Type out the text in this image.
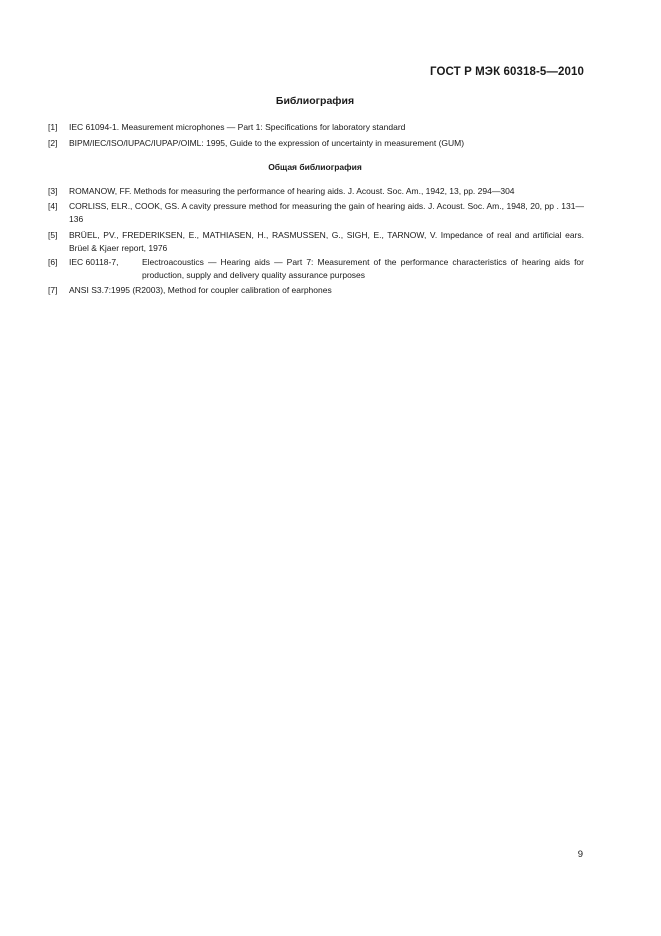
ГОСТ Р МЭК 60318-5—2010
Библиография
[1]	IEC 61094-1. Measurement microphones — Part 1: Specifications for laboratory standard
[2]	BIPM/IEC/ISO/IUPAC/IUPAP/OIML: 1995, Guide to the expression of uncertainty in measurement (GUM)
Общая библиография
[3]	ROMANOW, FF. Methods for measuring the performance of hearing aids. J. Acoust. Soc. Am., 1942, 13, pp. 294—304
[4]	CORLISS, ELR., COOK, GS. A cavity pressure method for measuring the gain of hearing aids. J. Acoust. Soc. Am., 1948, 20, pp . 131—136
[5]	BRÜEL, PV., FREDERIKSEN, E., MATHIASEN, H., RASMUSSEN, G., SIGH, E., TARNOW, V. Impedance of real and artificial ears. Brüel & Kjaer report, 1976
[6]	IEC 60118-7,	Electroacoustics — Hearing aids — Part 7: Measurement of the performance characteristics of hearing aids for production, supply and delivery quality assurance purposes
[7]	ANSI S3.7:1995 (R2003), Method for coupler calibration of earphones
9
